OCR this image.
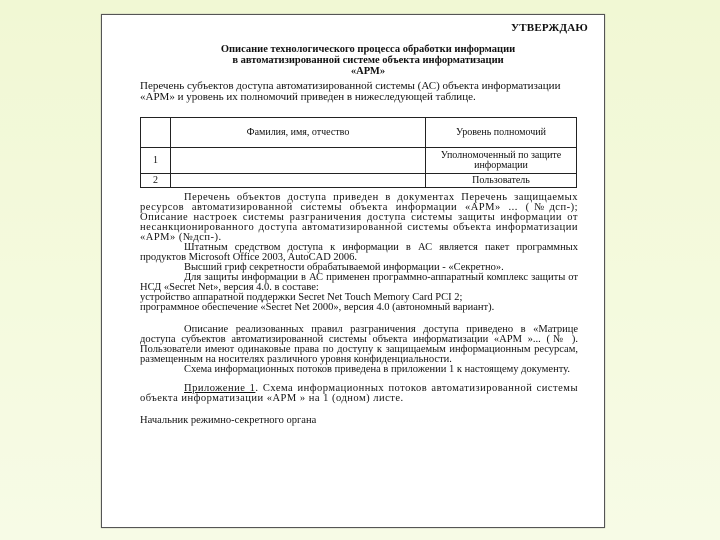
УТВЕРЖДАЮ
Описание технологического процесса обработки информации
в автоматизированной системе объекта информатизации
«АРМ»
Перечень субъектов доступа автоматизированной системы (АС) объекта информатизации «АРМ» и уровень их полномочий приведен в нижеследующей таблице.
	Фамилия, имя, отчество	Уровень полномочий
1		Уполномоченный по защите информации
2		Пользователь

Перечень объектов доступа приведен в документах Перечень защищаемых ресурсов автоматизированной системы объекта информации «АРМ» ... (№дсп-); Описание настроек системы разграничения доступа системы защиты информации от несанкционированного доступа автоматизированной системы объекта информатизации «АРМ» (№дсп-).

Штатным средством доступа к информации в АС является пакет программных продуктов Microsoft Office 2003, AutoCAD 2006.

Высший гриф секретности обрабатываемой информации - «Секретно».

Для защиты информации в АС применен программно-аппаратный комплекс защиты от НСД «Secret Net», версия 4.0. в составе:

устройство аппаратной поддержки Secret Net Touch Memory Card PCI 2;

программное обеспечение «Secret Net 2000», версия 4.0 (автономный вариант).

Описание реализованных правил разграничения доступа приведено в «Матрице доступа субъектов автоматизированной системы объекта информатизации «АРМ »... (№ ). Пользователи имеют одинаковые права по доступу к защищаемым информационным ресурсам, размещенным на носителях различного уровня конфиденциальности.

Схема информационных потоков приведена в приложении 1 к настоящему документу.

Приложение 1. Схема информационных потоков автоматизированной системы объекта информатизации «АРМ » на 1 (одном) листе.

Начальник режимно-секретного органа
